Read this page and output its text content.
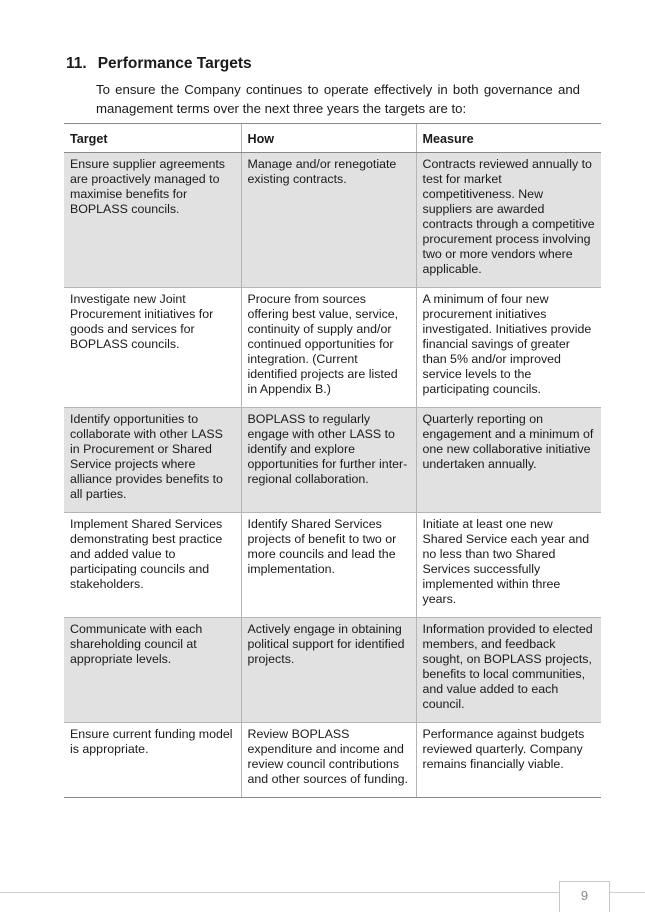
11. Performance Targets

To ensure the Company continues to operate effectively in both governance and management terms over the next three years the targets are to:

Target	How	Measure
Ensure supplier agreements are proactively managed to maximise benefits for BOPLASS councils.	Manage and/or renegotiate existing contracts.	Contracts reviewed annually to test for market competitiveness. New suppliers are awarded contracts through a competitive procurement process involving two or more vendors where applicable.
Investigate new Joint Procurement initiatives for goods and services for BOPLASS councils.	Procure from sources offering best value, service, continuity of supply and/or continued opportunities for integration. (Current identified projects are listed in Appendix B.)	A minimum of four new procurement initiatives investigated. Initiatives provide financial savings of greater than 5% and/or improved service levels to the participating councils.
Identify opportunities to collaborate with other LASS in Procurement or Shared Service projects where alliance provides benefits to all parties.	BOPLASS to regularly engage with other LASS to identify and explore opportunities for further inter-regional collaboration.	Quarterly reporting on engagement and a minimum of one new collaborative initiative undertaken annually.
Implement Shared Services demonstrating best practice and added value to participating councils and stakeholders.	Identify Shared Services projects of benefit to two or more councils and lead the implementation.	Initiate at least one new Shared Service each year and no less than two Shared Services successfully implemented within three years.
Communicate with each shareholding council at appropriate levels.	Actively engage in obtaining political support for identified projects.	Information provided to elected members, and feedback sought, on BOPLASS projects, benefits to local communities, and value added to each council.
Ensure current funding model is appropriate.	Review BOPLASS expenditure and income and review council contributions and other sources of funding.	Performance against budgets reviewed quarterly. Company remains financially viable.
9
